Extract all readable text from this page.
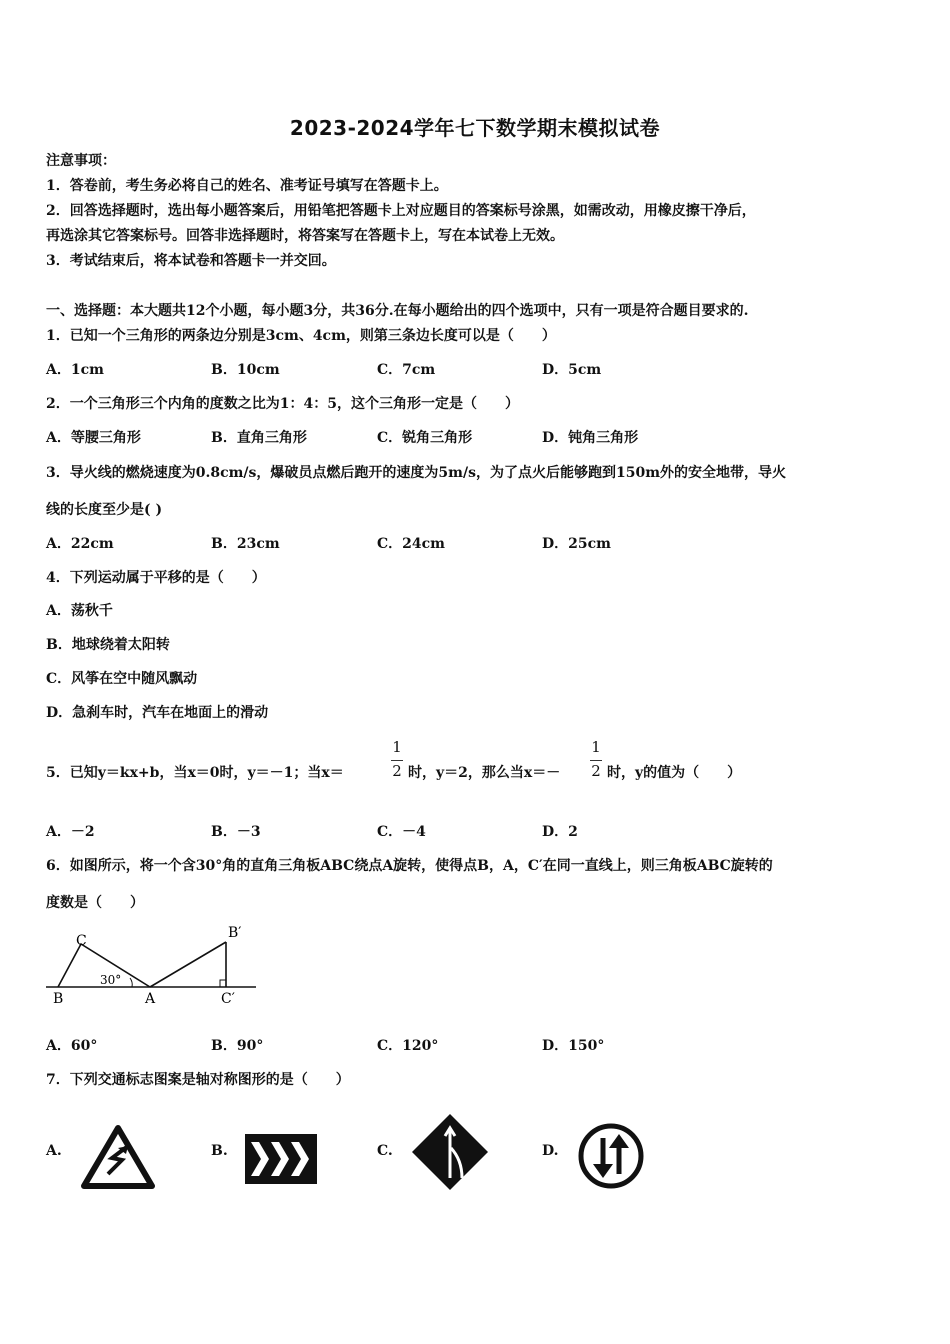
2023-2024学年七下数学期末模拟试卷
注意事项：
1．答卷前，考生务必将自己的姓名、准考证号填写在答题卡上。
2．回答选择题时，选出每小题答案后，用铅笔把答题卡上对应题目的答案标号涂黑，如需改动，用橡皮擦干净后，
再选涂其它答案标号。回答非选择题时，将答案写在答题卡上，写在本试卷上无效。
3．考试结束后，将本试卷和答题卡一并交回。
一、选择题：本大题共12个小题，每小题3分，共36分.在每小题给出的四个选项中，只有一项是符合题目要求的.
1．已知一个三角形的两条边分别是3cm、4cm，则第三条边长度可以是（　　）
A．1cm	B．10cm	C．7cm	D．5cm
2．一个三角形三个内角的度数之比为1：4：5，这个三角形一定是（　　）
A．等腰三角形	B．直角三角形	C．锐角三角形	D．钝角三角形
3．导火线的燃烧速度为0.8cm/s，爆破员点燃后跑开的速度为5m/s，为了点火后能够跑到150m外的安全地带，导火
线的长度至少是( )
A．22cm	B．23cm	C．24cm	D．25cm
4．下列运动属于平移的是（　　）
A．荡秋千
B．地球绕着太阳转
C．风筝在空中随风飘动
D．急刹车时，汽车在地面上的滑动
5．已知y＝kx+b，当x＝0时，y＝－1；当x＝
1
2 时，y＝2，那么当x＝－
1
2 时，y的值为（　　）
A．－2	B．－3	C．－4	D．2
6．如图所示，将一个含30°角的直角三角板ABC绕点A旋转，使得点B，A，C′在同一直线上，则三角板ABC旋转的
度数是（　　）
C
30°
B	A
B′
C′
A．60°	B．90°	C．120°	D．150°
7．下列交通标志图案是轴对称图形的是（　　）
A.	B.	C.	D.
